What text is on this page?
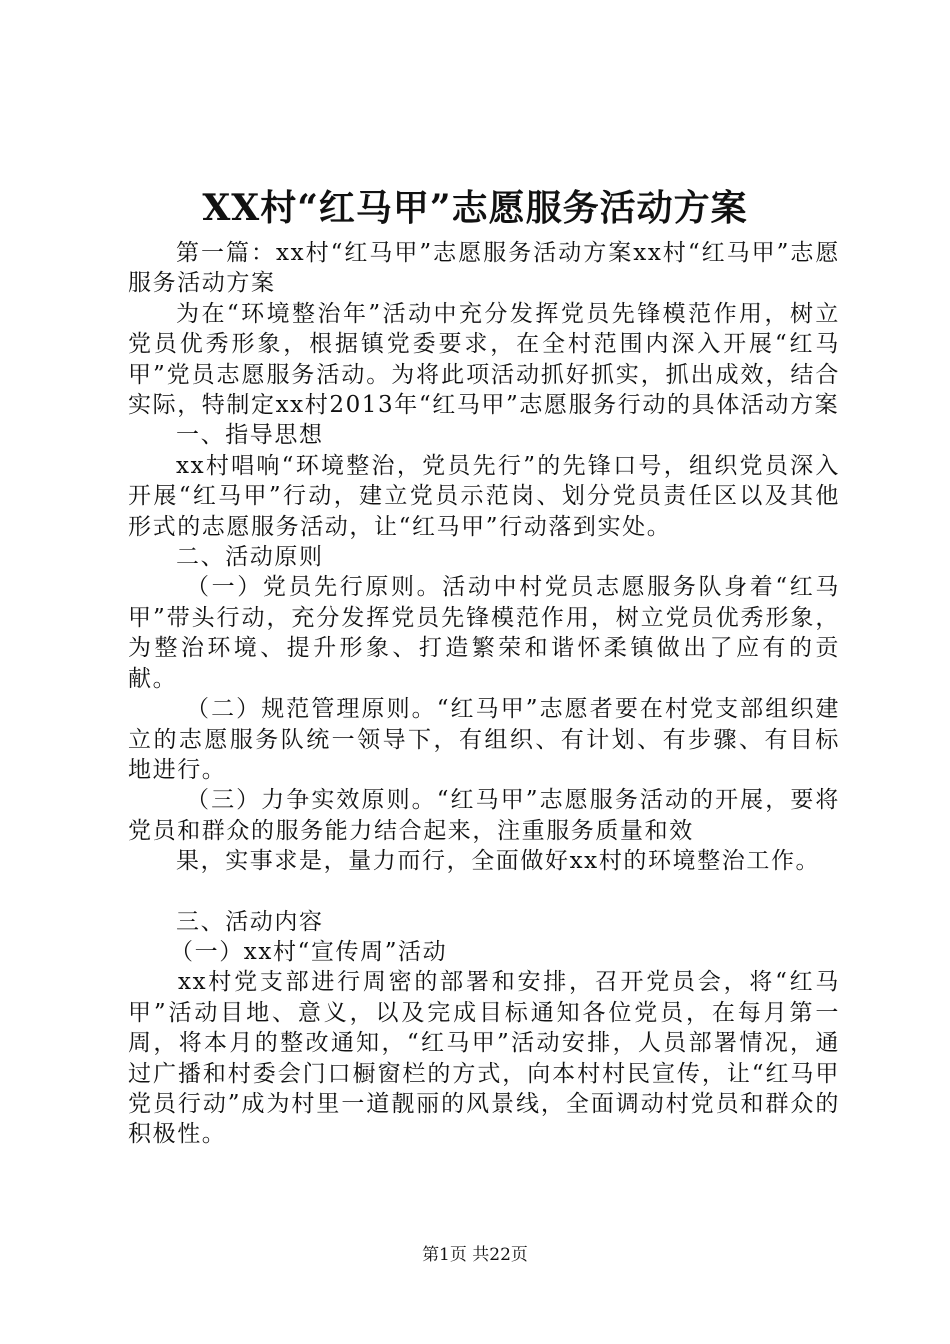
XX村“红马甲”志愿服务活动方案

第一篇：xx村“红马甲”志愿服务活动方案xx村“红马甲”志愿服务活动方案

为在“环境整治年”活动中充分发挥党员先锋模范作用，树立党员优秀形象，根据镇党委要求，在全村范围内深入开展“红马甲”党员志愿服务活动。为将此项活动抓好抓实，抓出成效，结合实际，特制定xx村2013年“红马甲”志愿服务行动的具体活动方案

一、指导思想

xx村唱响“环境整治，党员先行”的先锋口号，组织党员深入开展“红马甲”行动，建立党员示范岗、划分党员责任区以及其他形式的志愿服务活动，让“红马甲”行动落到实处。

二、活动原则

（一）党员先行原则。活动中村党员志愿服务队身着“红马甲”带头行动，充分发挥党员先锋模范作用，树立党员优秀形象，为整治环境、提升形象、打造繁荣和谐怀柔镇做出了应有的贡献。

（二）规范管理原则。“红马甲”志愿者要在村党支部组织建立的志愿服务队统一领导下，有组织、有计划、有步骤、有目标地进行。

（三）力争实效原则。“红马甲”志愿服务活动的开展，要将党员和群众的服务能力结合起来，注重服务质量和效

果，实事求是，量力而行，全面做好xx村的环境整治工作。

三、活动内容

（一）xx村“宣传周”活动

xx村党支部进行周密的部署和安排，召开党员会，将“红马甲”活动目地、意义，以及完成目标通知各位党员，在每月第一周，将本月的整改通知，“红马甲”活动安排，人员部署情况，通过广播和村委会门口橱窗栏的方式，向本村村民宣传，让“红马甲党员行动”成为村里一道靓丽的风景线，全面调动村党员和群众的积极性。

第1页 共22页
